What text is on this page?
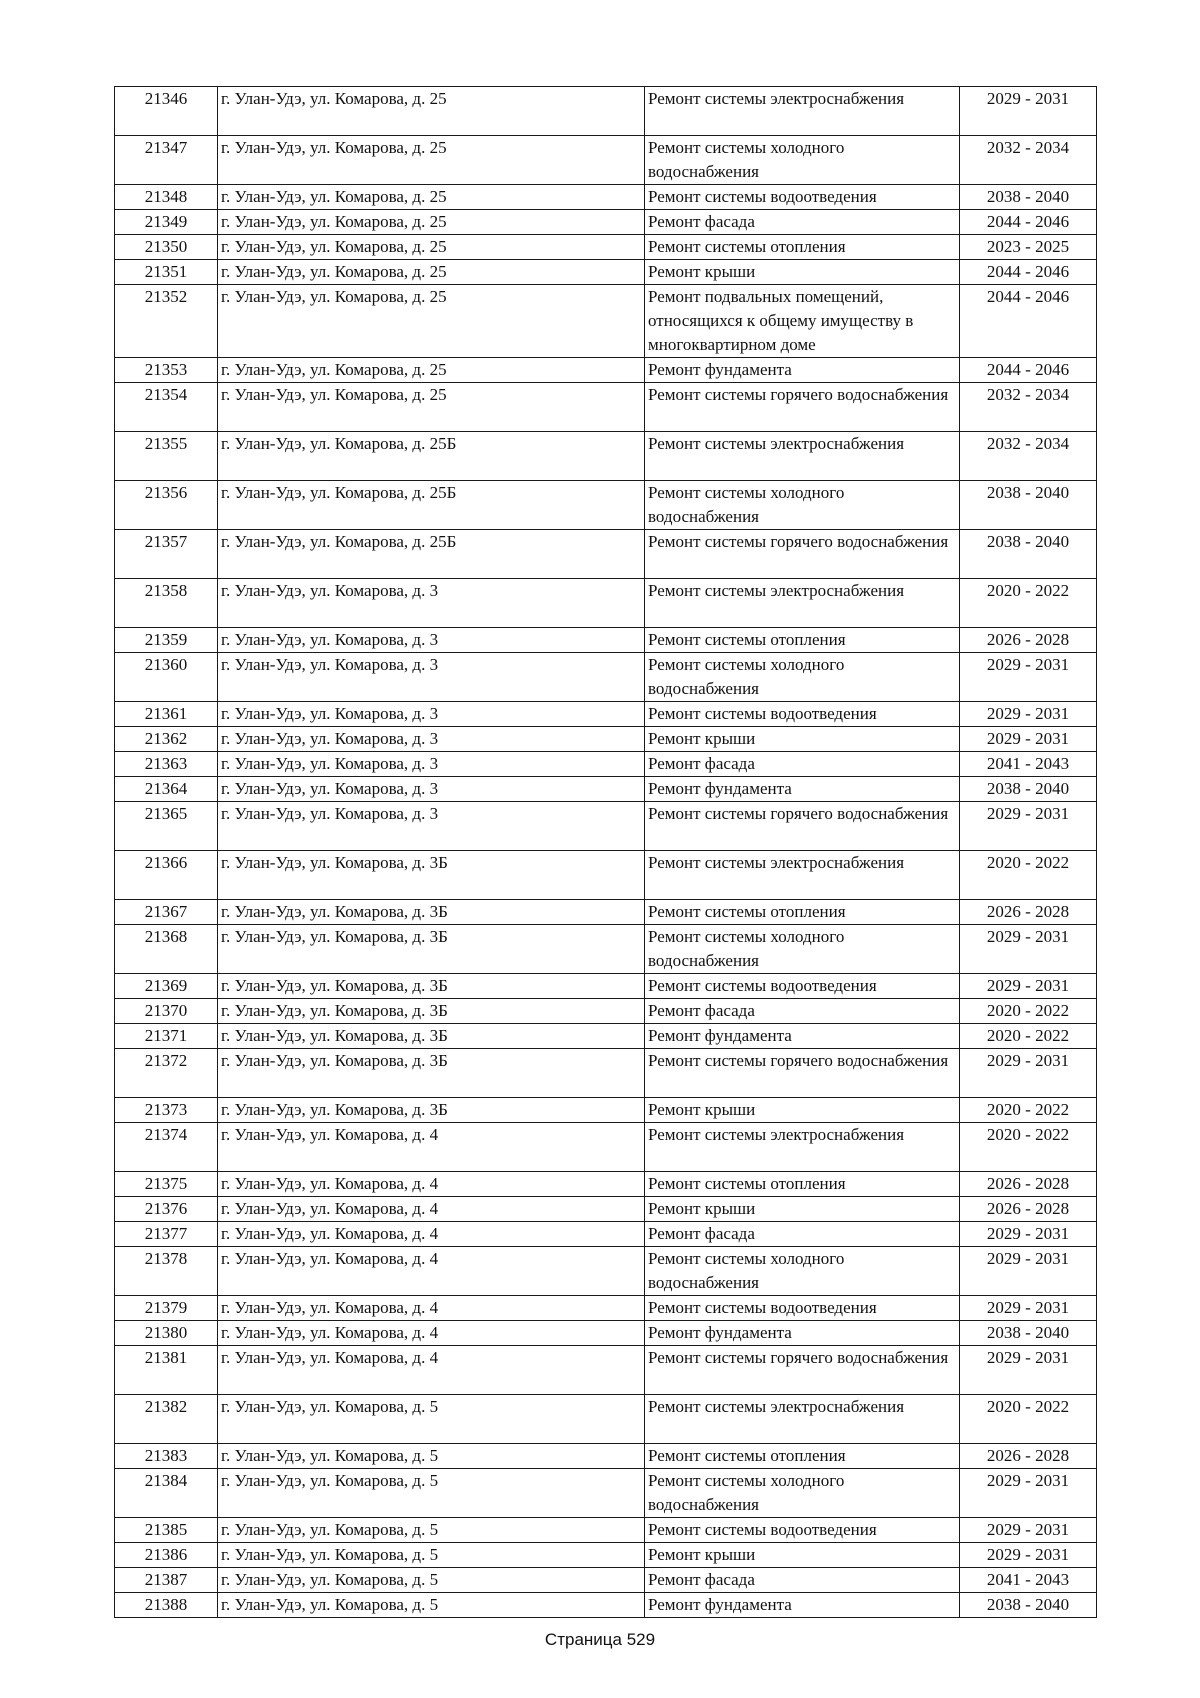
21346	г. Улан-Удэ, ул. Комарова, д. 25	Ремонт системы электроснабжения	2029 - 2031
21347	г. Улан-Удэ, ул. Комарова, д. 25	Ремонт системы холодного водоснабжения	2032 - 2034
21348	г. Улан-Удэ, ул. Комарова, д. 25	Ремонт системы водоотведения	2038 - 2040
21349	г. Улан-Удэ, ул. Комарова, д. 25	Ремонт фасада	2044 - 2046
21350	г. Улан-Удэ, ул. Комарова, д. 25	Ремонт системы отопления	2023 - 2025
21351	г. Улан-Удэ, ул. Комарова, д. 25	Ремонт крыши	2044 - 2046
21352	г. Улан-Удэ, ул. Комарова, д. 25	Ремонт подвальных помещений, относящихся к общему имуществу в многоквартирном доме	2044 - 2046
21353	г. Улан-Удэ, ул. Комарова, д. 25	Ремонт фундамента	2044 - 2046
21354	г. Улан-Удэ, ул. Комарова, д. 25	Ремонт системы горячего водоснабжения	2032 - 2034
21355	г. Улан-Удэ, ул. Комарова, д. 25Б	Ремонт системы электроснабжения	2032 - 2034
21356	г. Улан-Удэ, ул. Комарова, д. 25Б	Ремонт системы холодного водоснабжения	2038 - 2040
21357	г. Улан-Удэ, ул. Комарова, д. 25Б	Ремонт системы горячего водоснабжения	2038 - 2040
21358	г. Улан-Удэ, ул. Комарова, д. 3	Ремонт системы электроснабжения	2020 - 2022
21359	г. Улан-Удэ, ул. Комарова, д. 3	Ремонт системы отопления	2026 - 2028
21360	г. Улан-Удэ, ул. Комарова, д. 3	Ремонт системы холодного водоснабжения	2029 - 2031
21361	г. Улан-Удэ, ул. Комарова, д. 3	Ремонт системы водоотведения	2029 - 2031
21362	г. Улан-Удэ, ул. Комарова, д. 3	Ремонт крыши	2029 - 2031
21363	г. Улан-Удэ, ул. Комарова, д. 3	Ремонт фасада	2041 - 2043
21364	г. Улан-Удэ, ул. Комарова, д. 3	Ремонт фундамента	2038 - 2040
21365	г. Улан-Удэ, ул. Комарова, д. 3	Ремонт системы горячего водоснабжения	2029 - 2031
21366	г. Улан-Удэ, ул. Комарова, д. 3Б	Ремонт системы электроснабжения	2020 - 2022
21367	г. Улан-Удэ, ул. Комарова, д. 3Б	Ремонт системы отопления	2026 - 2028
21368	г. Улан-Удэ, ул. Комарова, д. 3Б	Ремонт системы холодного водоснабжения	2029 - 2031
21369	г. Улан-Удэ, ул. Комарова, д. 3Б	Ремонт системы водоотведения	2029 - 2031
21370	г. Улан-Удэ, ул. Комарова, д. 3Б	Ремонт фасада	2020 - 2022
21371	г. Улан-Удэ, ул. Комарова, д. 3Б	Ремонт фундамента	2020 - 2022
21372	г. Улан-Удэ, ул. Комарова, д. 3Б	Ремонт системы горячего водоснабжения	2029 - 2031
21373	г. Улан-Удэ, ул. Комарова, д. 3Б	Ремонт крыши	2020 - 2022
21374	г. Улан-Удэ, ул. Комарова, д. 4	Ремонт системы электроснабжения	2020 - 2022
21375	г. Улан-Удэ, ул. Комарова, д. 4	Ремонт системы отопления	2026 - 2028
21376	г. Улан-Удэ, ул. Комарова, д. 4	Ремонт крыши	2026 - 2028
21377	г. Улан-Удэ, ул. Комарова, д. 4	Ремонт фасада	2029 - 2031
21378	г. Улан-Удэ, ул. Комарова, д. 4	Ремонт системы холодного водоснабжения	2029 - 2031
21379	г. Улан-Удэ, ул. Комарова, д. 4	Ремонт системы водоотведения	2029 - 2031
21380	г. Улан-Удэ, ул. Комарова, д. 4	Ремонт фундамента	2038 - 2040
21381	г. Улан-Удэ, ул. Комарова, д. 4	Ремонт системы горячего водоснабжения	2029 - 2031
21382	г. Улан-Удэ, ул. Комарова, д. 5	Ремонт системы электроснабжения	2020 - 2022
21383	г. Улан-Удэ, ул. Комарова, д. 5	Ремонт системы отопления	2026 - 2028
21384	г. Улан-Удэ, ул. Комарова, д. 5	Ремонт системы холодного водоснабжения	2029 - 2031
21385	г. Улан-Удэ, ул. Комарова, д. 5	Ремонт системы водоотведения	2029 - 2031
21386	г. Улан-Удэ, ул. Комарова, д. 5	Ремонт крыши	2029 - 2031
21387	г. Улан-Удэ, ул. Комарова, д. 5	Ремонт фасада	2041 - 2043
21388	г. Улан-Удэ, ул. Комарова, д. 5	Ремонт фундамента	2038 - 2040
Страница 529
